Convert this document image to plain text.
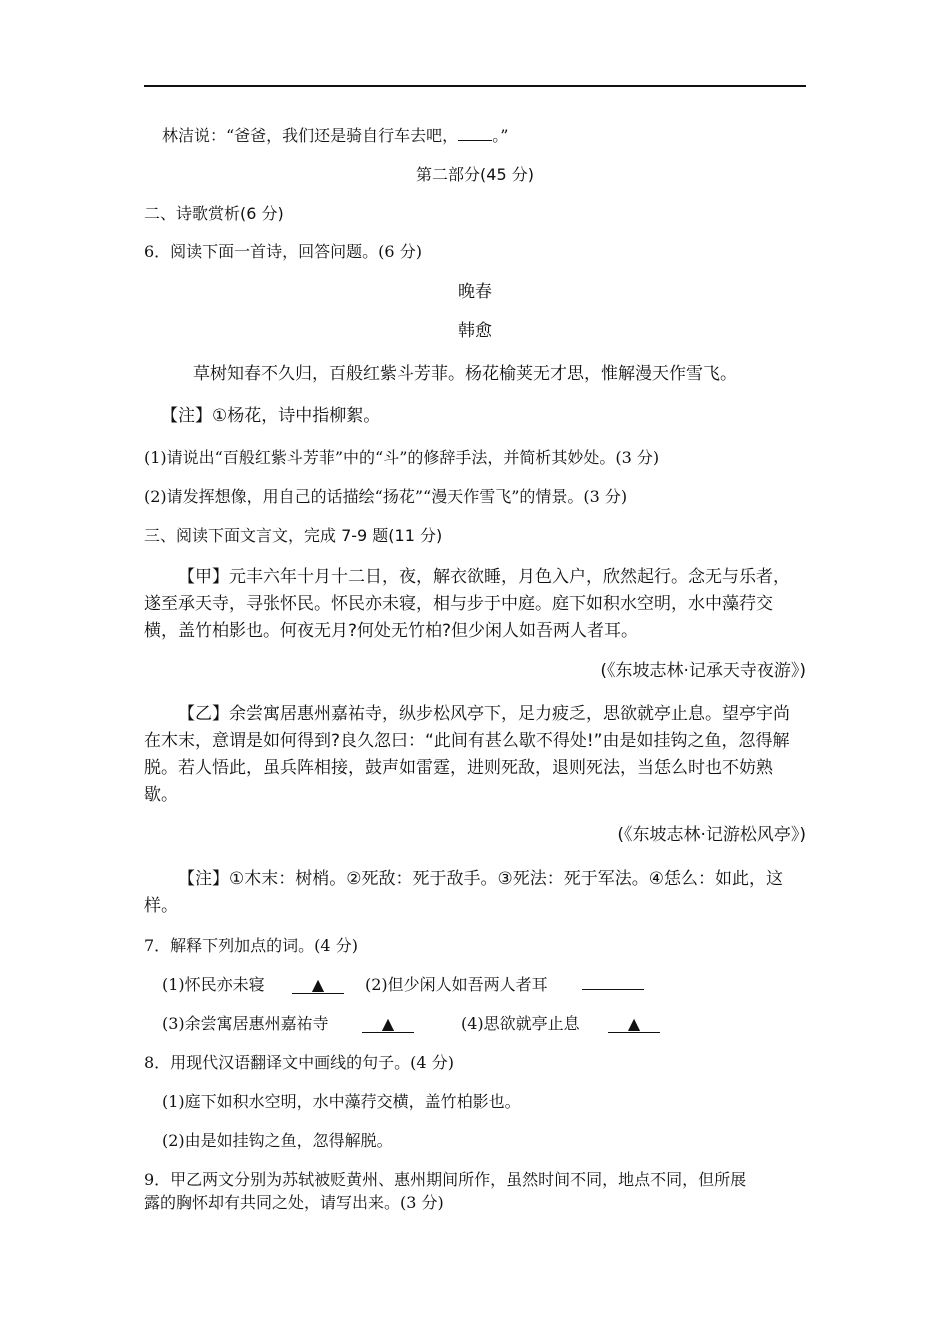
林洁说：“爸爸，我们还是骑自行车去吧， 。”
第二部分(45 分)
二、诗歌赏析(6 分)
6．阅读下面一首诗，回答问题。(6 分)
晚春
韩愈
草树知春不久归，百般红紫斗芳菲。杨花榆荚无才思，惟解漫天作雪飞。
【注】①杨花，诗中指柳絮。
(1)请说出“百般红紫斗芳菲”中的“斗”的修辞手法，并简析其妙处。(3 分)
(2)请发挥想像，用自己的话描绘“扬花”“漫天作雪飞”的情景。(3 分)
三、阅读下面文言文，完成 7-9 题(11 分)
【甲】元丰六年十月十二日，夜，解衣欲睡，月色入户，欣然起行。念无与乐者，遂至承天寺，寻张怀民。怀民亦未寝，相与步于中庭。庭下如积水空明，水中藻荇交横，盖竹柏影也。何夜无月?何处无竹柏?但少闲人如吾两人者耳。
(《东坡志林·记承天寺夜游》)
【乙】余尝寓居惠州嘉祐寺，纵步松风亭下，足力疲乏，思欲就亭止息。望亭宇尚在木末，意谓是如何得到?良久忽曰：“此间有甚么歇不得处!”由是如挂钩之鱼，忽得解脱。若人悟此，虽兵阵相接，鼓声如雷霆，进则死敌，退则死法，当恁么时也不妨熟歇。
(《东坡志林·记游松风亭》)
【注】①木末：树梢。②死敌：死于敌手。③死法：死于军法。④恁么：如此，这样。
7．解释下列加点的词。(4 分)
(1)怀民亦未寝	▲	(2)但少闲人如吾两人者耳
(3)余尝寓居惠州嘉祐寺	▲	(4)思欲就亭止息	▲
8．用现代汉语翻译文中画线的句子。(4 分)
(1)庭下如积水空明，水中藻荇交横，盖竹柏影也。
(2)由是如挂钩之鱼，忽得解脱。
9．甲乙两文分别为苏轼被贬黄州、惠州期间所作，虽然时间不同，地点不同，但所展
露的胸怀却有共同之处，请写出来。(3 分)
